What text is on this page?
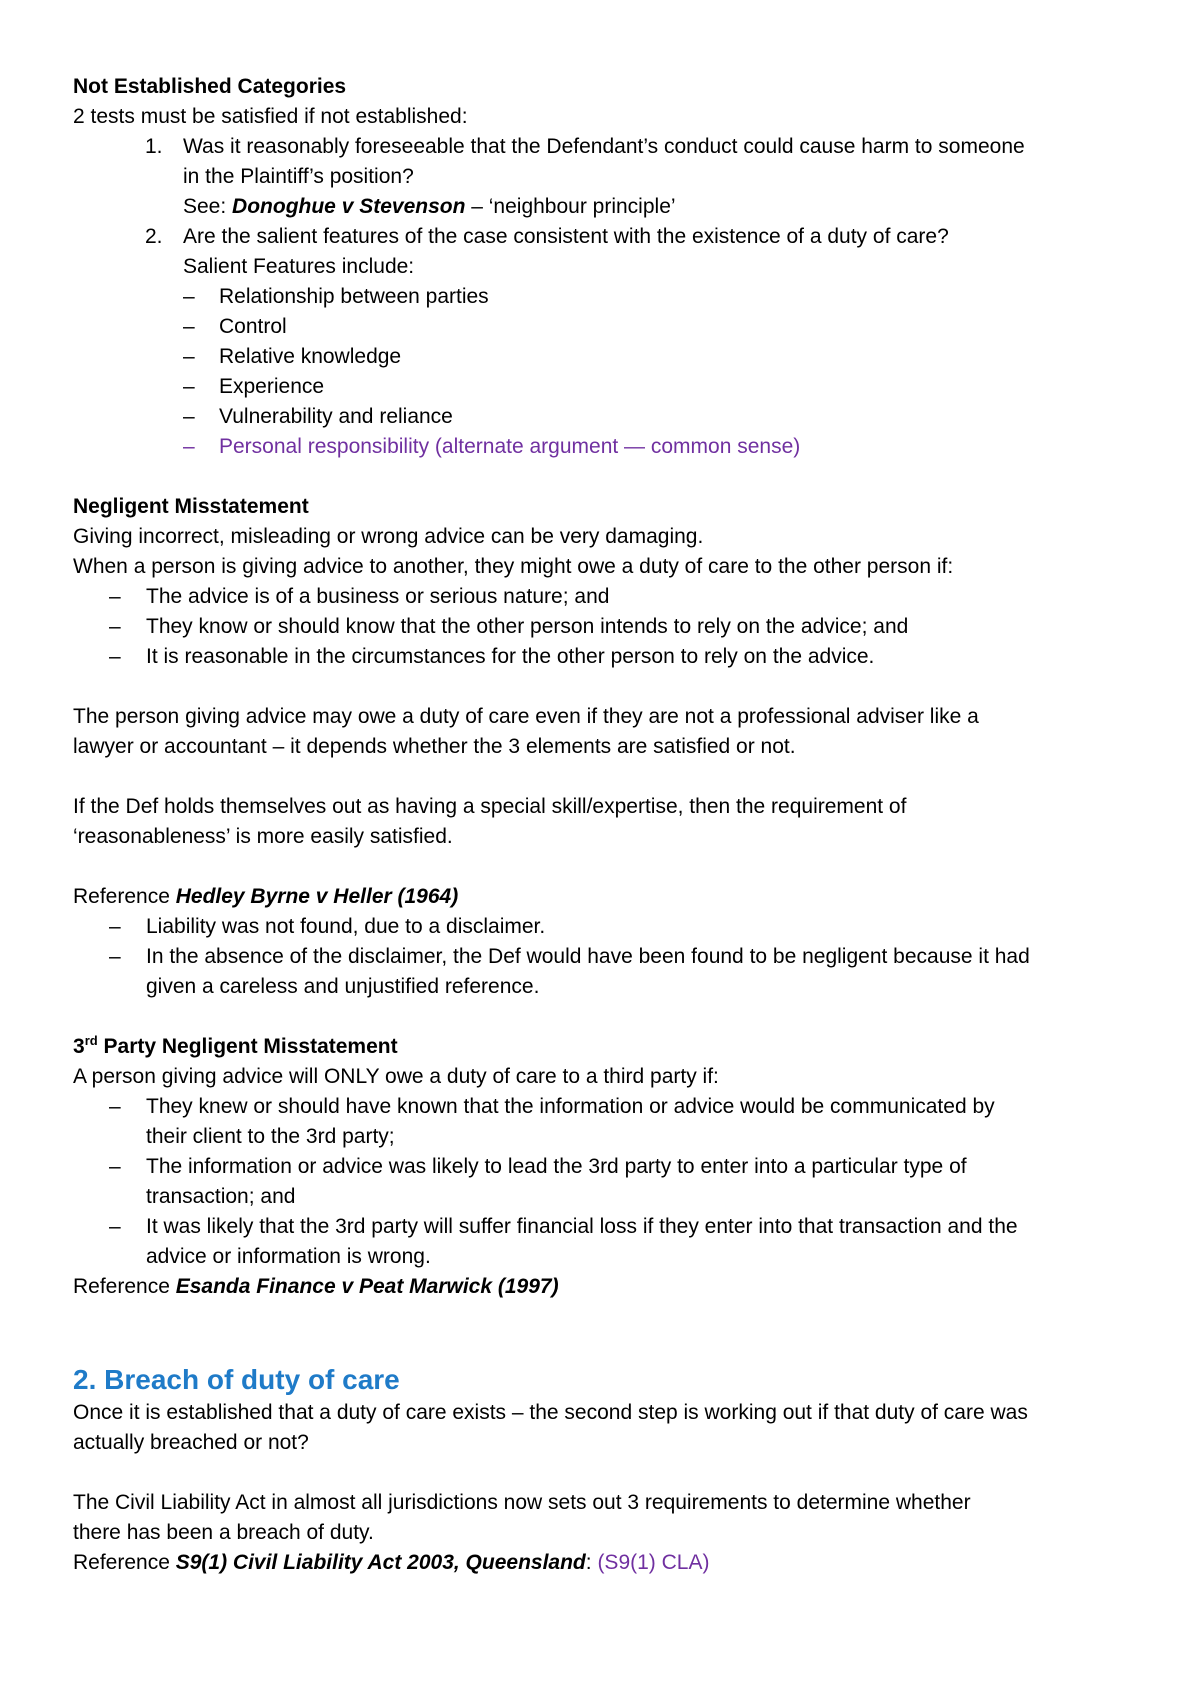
Not Established Categories
2 tests must be satisfied if not established:
1. Was it reasonably foreseeable that the Defendant’s conduct could cause harm to someone
in the Plaintiff’s position?
See: Donoghue v Stevenson – ‘neighbour principle’
2. Are the salient features of the case consistent with the existence of a duty of care?
Salient Features include:
– Relationship between parties
– Control
– Relative knowledge
– Experience
– Vulnerability and reliance
– Personal responsibility (alternate argument — common sense)
Negligent Misstatement
Giving incorrect, misleading or wrong advice can be very damaging.
When a person is giving advice to another, they might owe a duty of care to the other person if:
– The advice is of a business or serious nature; and
– They know or should know that the other person intends to rely on the advice; and
– It is reasonable in the circumstances for the other person to rely on the advice.
The person giving advice may owe a duty of care even if they are not a professional adviser like a
lawyer or accountant – it depends whether the 3 elements are satisfied or not.
If the Def holds themselves out as having a special skill/expertise, then the requirement of
‘reasonableness’ is more easily satisfied.
Reference Hedley Byrne v Heller (1964)
– Liability was not found, due to a disclaimer.
– In the absence of the disclaimer, the Def would have been found to be negligent because it had
given a careless and unjustified reference.
3rd Party Negligent Misstatement
A person giving advice will ONLY owe a duty of care to a third party if:
– They knew or should have known that the information or advice would be communicated by
their client to the 3rd party;
– The information or advice was likely to lead the 3rd party to enter into a particular type of
transaction; and
– It was likely that the 3rd party will suffer financial loss if they enter into that transaction and the
advice or information is wrong.
Reference Esanda Finance v Peat Marwick (1997)
2. Breach of duty of care
Once it is established that a duty of care exists – the second step is working out if that duty of care was
actually breached or not?
The Civil Liability Act in almost all jurisdictions now sets out 3 requirements to determine whether
there has been a breach of duty.
Reference S9(1) Civil Liability Act 2003, Queensland: (S9(1) CLA)
